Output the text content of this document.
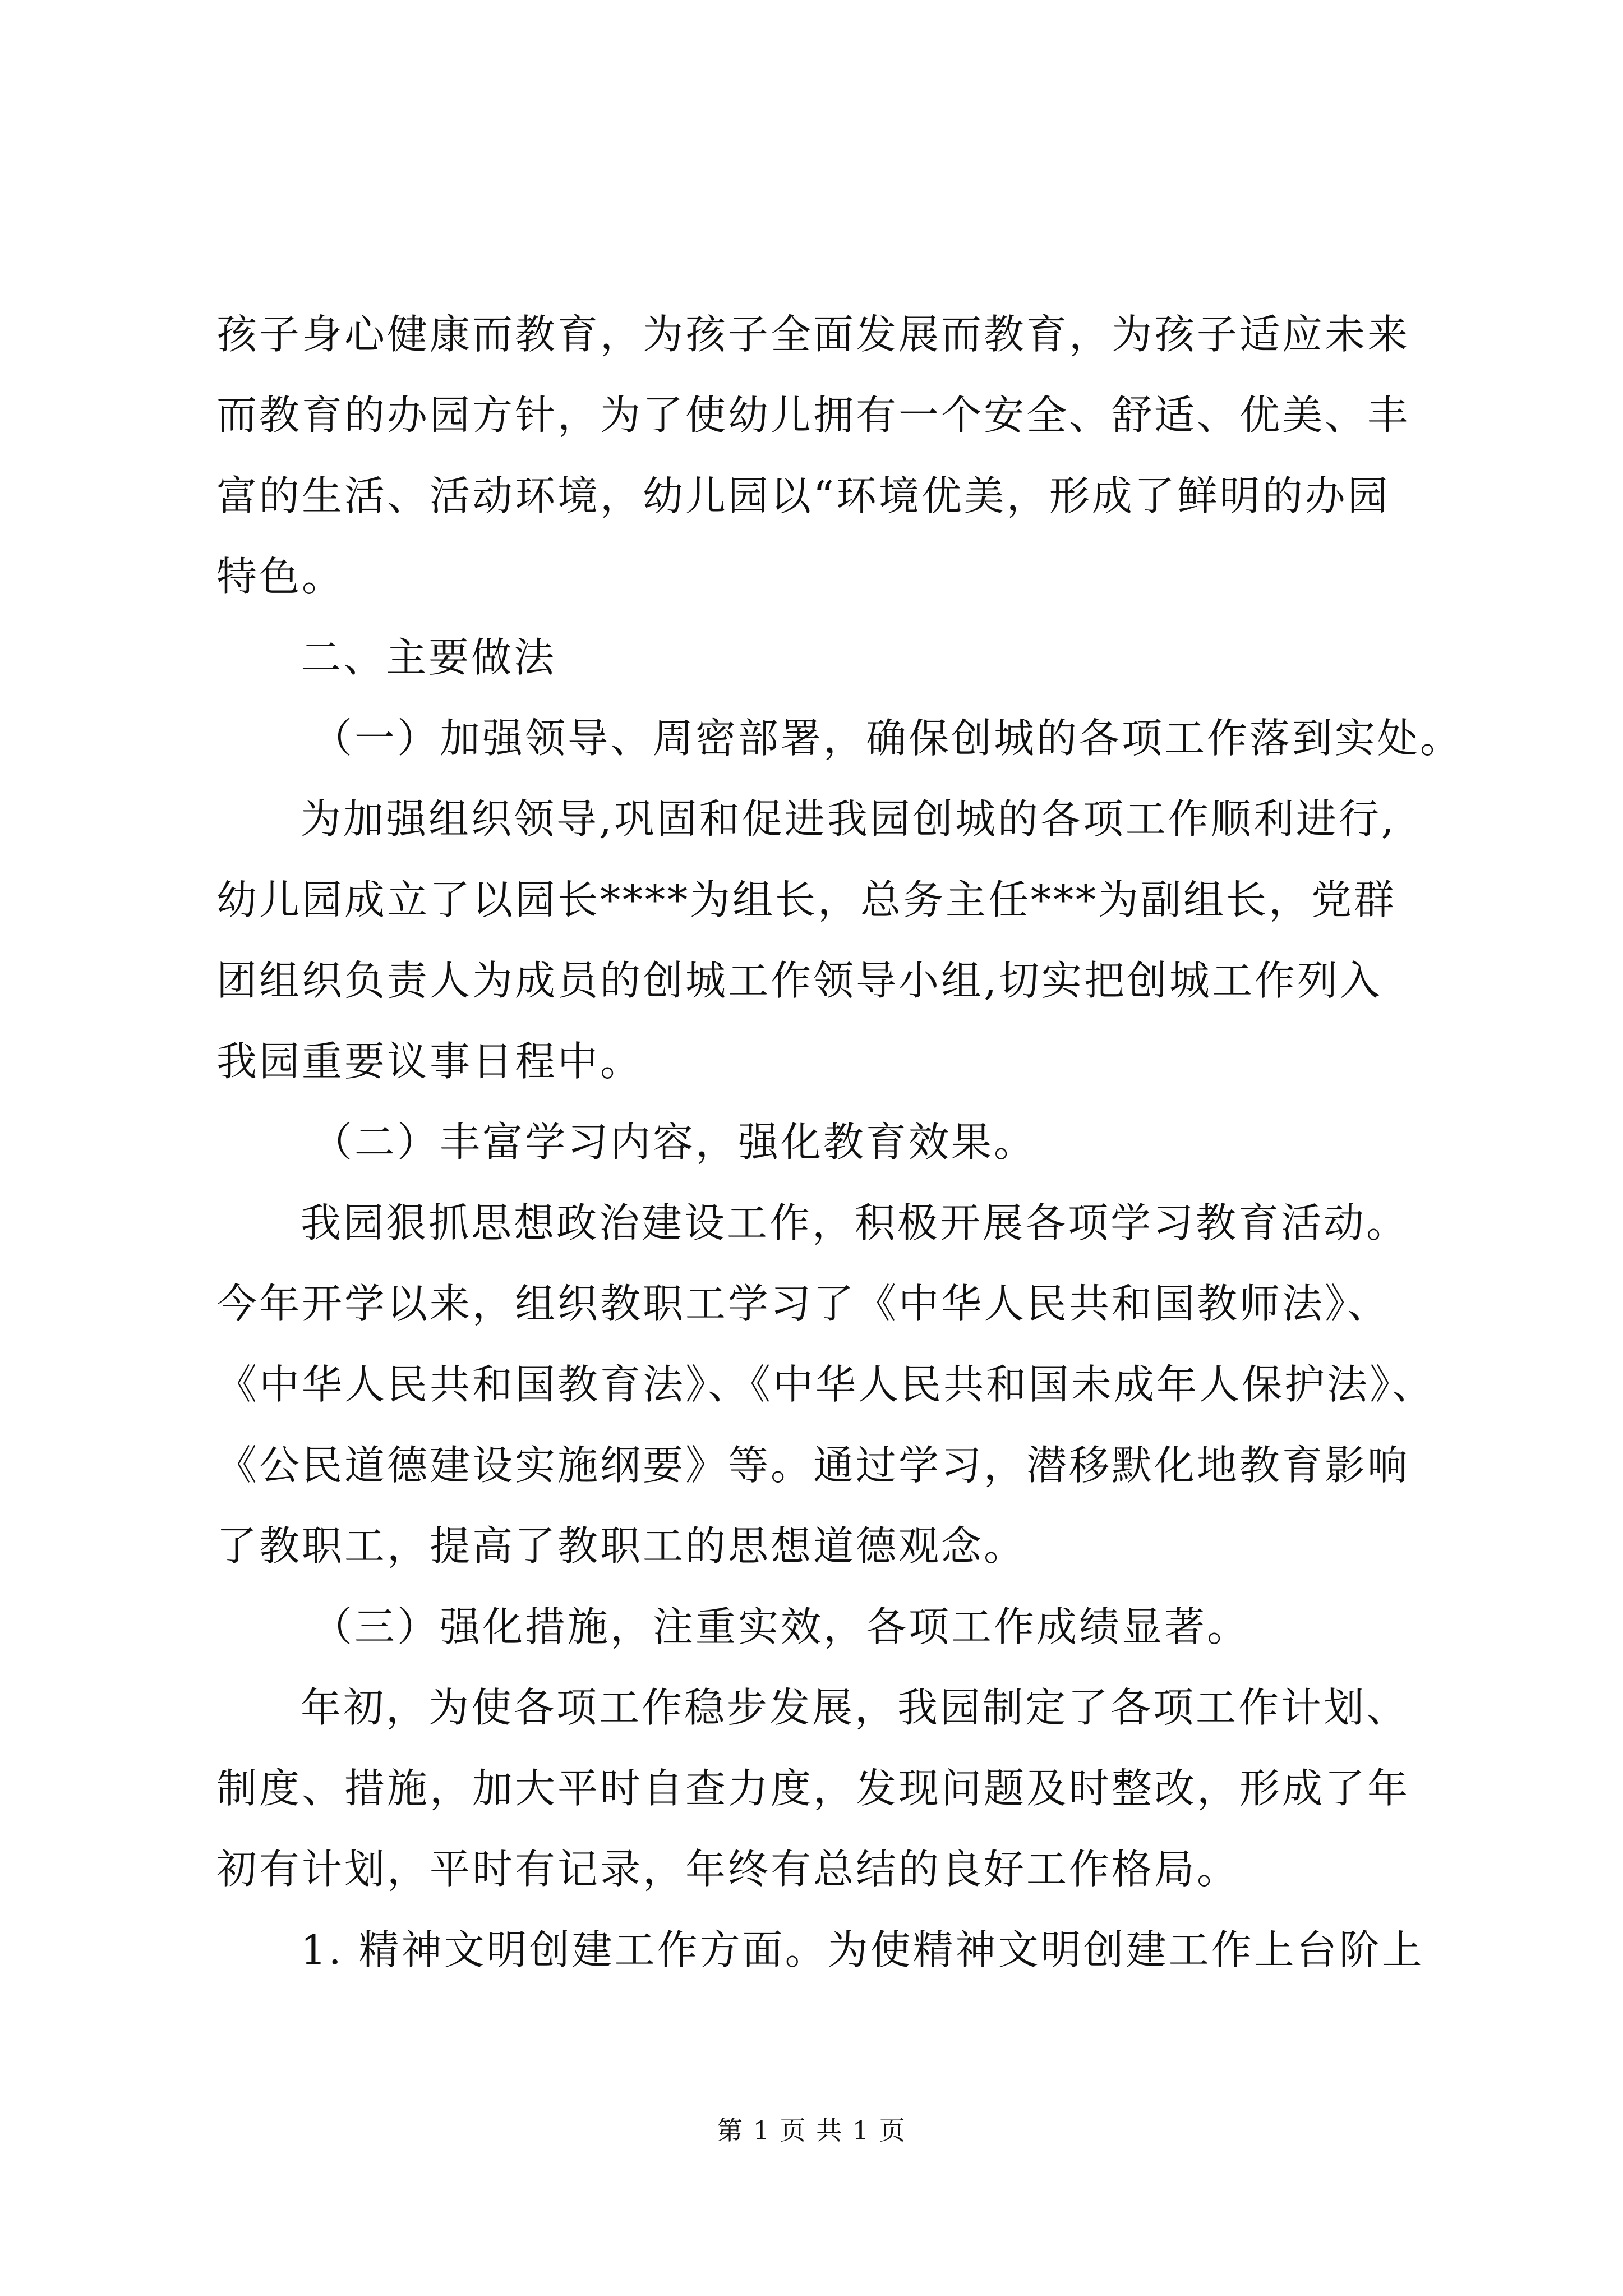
孩子身心健康而教育，为孩子全面发展而教育，为孩子适应未来

而教育的办园方针，为了使幼儿拥有一个安全、舒适、优美、丰

富的生活、活动环境，幼儿园以“环境优美，形成了鲜明的办园

特色。

二、主要做法

（一）加强领导、周密部署，确保创城的各项工作落到实处。

为加强组织领导,巩固和促进我园创城的各项工作顺利进行,

幼儿园成立了以园长****为组长，总务主任***为副组长，党群

团组织负责人为成员的创城工作领导小组,切实把创城工作列入

我园重要议事日程中。

（二）丰富学习内容，强化教育效果。

我园狠抓思想政治建设工作，积极开展各项学习教育活动。

今年开学以来，组织教职工学习了《中华人民共和国教师法》、

《中华人民共和国教育法》、《中华人民共和国未成年人保护法》、

《公民道德建设实施纲要》等。通过学习，潜移默化地教育影响

了教职工，提高了教职工的思想道德观念。

（三）强化措施，注重实效，各项工作成绩显著。

年初，为使各项工作稳步发展，我园制定了各项工作计划、

制度、措施，加大平时自查力度，发现问题及时整改，形成了年

初有计划，平时有记录，年终有总结的良好工作格局。

1. 精神文明创建工作方面。为使精神文明创建工作上台阶上

第 1 页 共 1 页
